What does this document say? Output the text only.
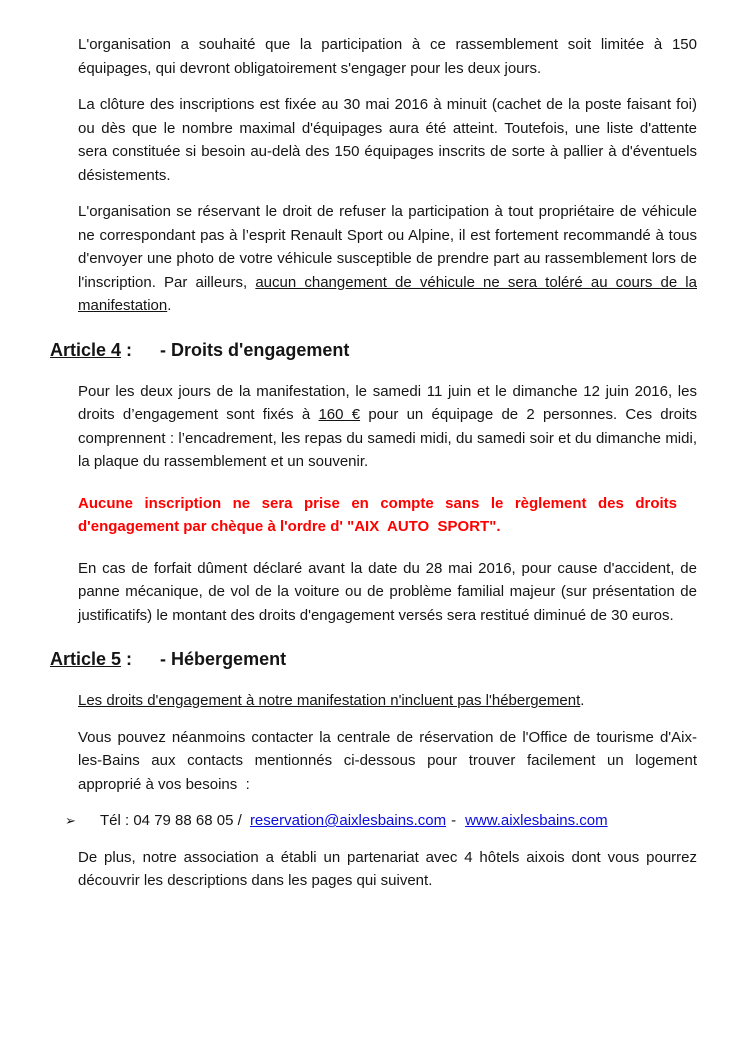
L'organisation a souhaité que la participation à ce rassemblement soit limitée à 150 équipages, qui devront obligatoirement s'engager pour les deux jours.

La clôture des inscriptions est fixée au 30 mai 2016 à minuit (cachet de la poste faisant foi) ou dès que le nombre maximal d'équipages aura été atteint. Toutefois, une liste d'attente sera constituée si besoin au-delà des 150 équipages inscrits de sorte à pallier à d'éventuels désistements.

L'organisation se réservant le droit de refuser la participation à tout propriétaire de véhicule ne correspondant pas à l’esprit Renault Sport ou Alpine, il est fortement recommandé à tous d'envoyer une photo de votre véhicule susceptible de prendre part au rassemblement lors de l'inscription. Par ailleurs, aucun changement de véhicule ne sera toléré au cours de la manifestation.

Article 4 : - Droits d'engagement

Pour les deux jours de la manifestation, le samedi 11 juin et le dimanche 12 juin 2016, les droits d’engagement sont fixés à 160 € pour un équipage de 2 personnes. Ces droits comprennent : l’encadrement, les repas du samedi midi, du samedi soir et du dimanche midi, la plaque du rassemblement et un souvenir.

Aucune inscription ne sera prise en compte sans le règlement des droits d'engagement par chèque à l'ordre d' "AIX  AUTO  SPORT".

En cas de forfait dûment déclaré avant la date du 28 mai 2016, pour cause d'accident, de panne mécanique, de vol de la voiture ou de problème familial majeur (sur présentation de justificatifs) le montant des droits d'engagement versés sera restitué diminué de 30 euros.

Article 5 : - Hébergement

Les droits d'engagement à notre manifestation n'incluent pas l'hébergement.

Vous pouvez néanmoins contacter la centrale de réservation de l'Office de tourisme d'Aix-les-Bains aux contacts mentionnés ci-dessous pour trouver facilement un logement approprié à vos besoins  :

➢	Tél : 04 79 88 68 05 / reservation@aixlesbains.com - www.aixlesbains.com

De plus, notre association a établi un partenariat avec 4 hôtels aixois dont vous pourrez découvrir les descriptions dans les pages qui suivent.
